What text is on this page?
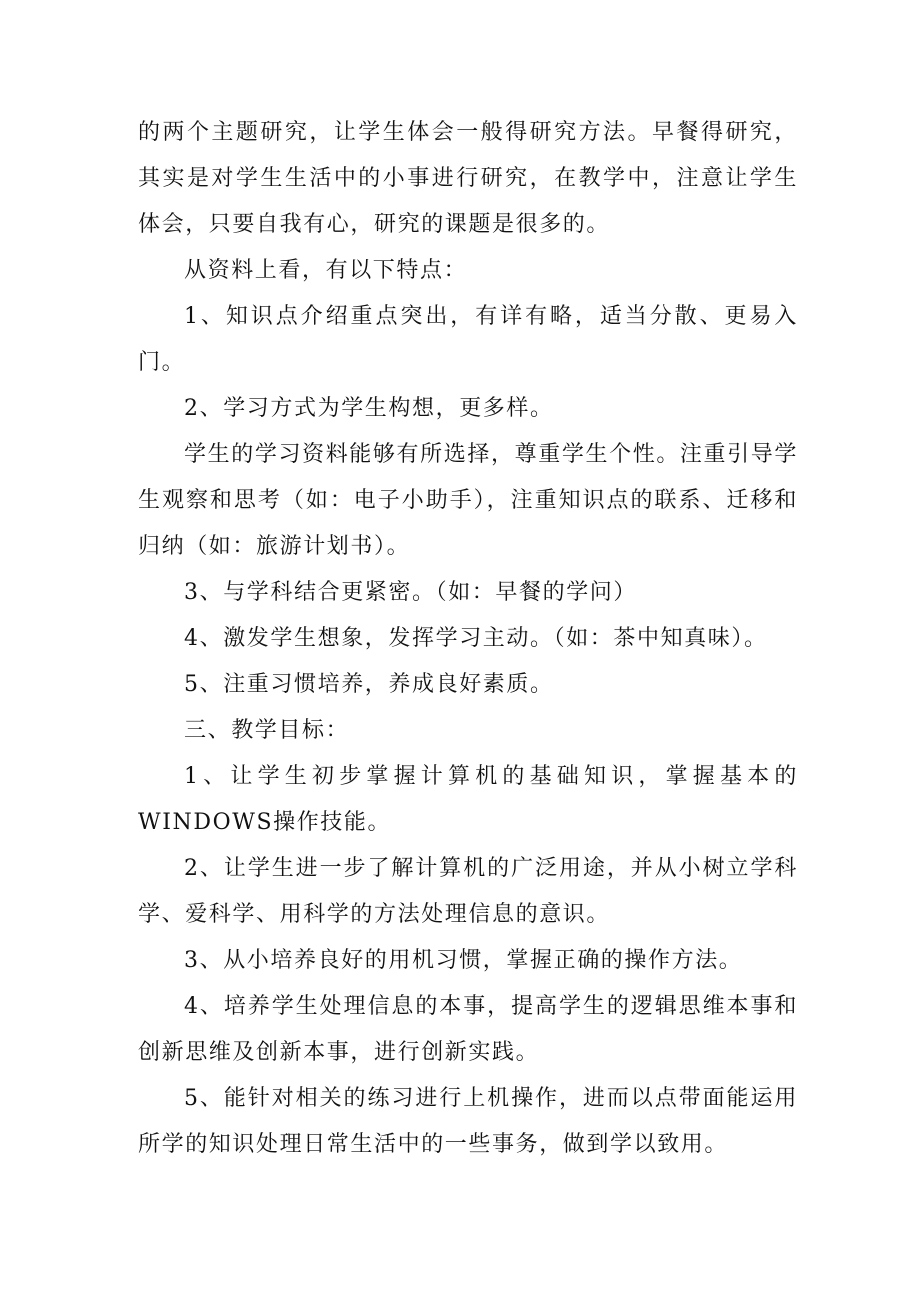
的两个主题研究，让学生体会一般得研究方法。早餐得研究，其实是对学生生活中的小事进行研究，在教学中，注意让学生体会，只要自我有心，研究的课题是很多的。

从资料上看，有以下特点：

1、知识点介绍重点突出，有详有略，适当分散、更易入门。

2、学习方式为学生构想，更多样。

学生的学习资料能够有所选择，尊重学生个性。注重引导学生观察和思考（如：电子小助手），注重知识点的联系、迁移和归纳（如：旅游计划书）。

3、与学科结合更紧密。（如：早餐的学问）

4、激发学生想象，发挥学习主动。（如：茶中知真味）。

5、注重习惯培养，养成良好素质。

三、教学目标：

1、让学生初步掌握计算机的基础知识，掌握基本的WINDOWS操作技能。

2、让学生进一步了解计算机的广泛用途，并从小树立学科学、爱科学、用科学的方法处理信息的意识。

3、从小培养良好的用机习惯，掌握正确的操作方法。

4、培养学生处理信息的本事，提高学生的逻辑思维本事和创新思维及创新本事，进行创新实践。

5、能针对相关的练习进行上机操作，进而以点带面能运用所学的知识处理日常生活中的一些事务，做到学以致用。
